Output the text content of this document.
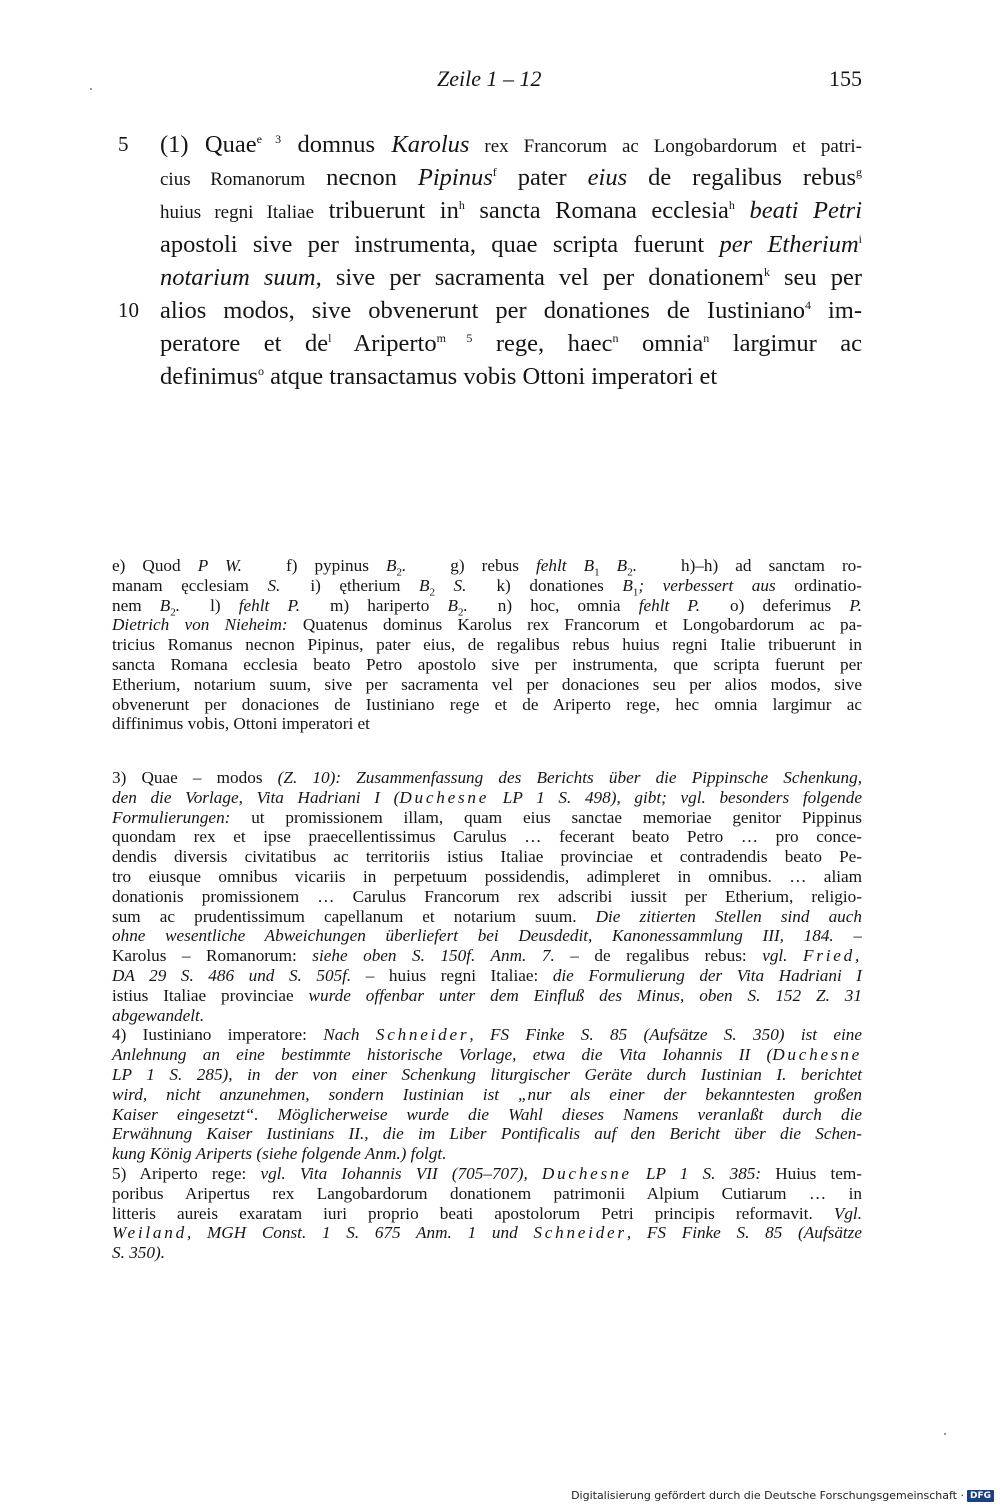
Zeile 1 – 12	155
5 (1) Quae$^{e 3}$ domnus Karolus rex Francorum ac Longobardorum et patri-
cius Romanorum necnon Pipinus$^f$ pater eius de regalibus rebus$^g$
huius regni Italiae tribuerunt $in^h$ sancta Romana ecclesia$^h$ beati Petri
apostoli sive per instrumenta, quae scripta fuerunt per Etherium$^i$
notarium suum, sive per sacramenta vel per donationem$^k$ seu per
10 alios modos, sive obvenerunt per donationes de Iustiniano$^4$ im-
peratore et $de^l$ Ariperto$^{m 5}$ rege, haec$^n$ omnia$^n$ largimur ac
definimus$^o$ atque transactamus vobis Ottoni imperatori et
e) Quod P W.	f) pypinus $B_2$.	g) rebus fehlt $B_1$ $B_2$.	h)–h) ad sanctam ro-
manam ęcclesiam S. i) ętherium $B_2$ S. k) donationes $B_1$; verbessert aus ordinatio-
nem $B_2$. l) fehlt P. m) hariperto $B_2$. n) hoc, omnia fehlt P. o) deferimus P.
Dietrich von Nieheim: Quatenus dominus Karolus rex Francorum et Longobardorum ac pa-
tricius Romanus necnon Pipinus, pater eius, de regalibus rebus huius regni Italie tribuerunt in
sancta Romana ecclesia beato Petro apostolo sive per instrumenta, que scripta fuerunt per
Etherium, notarium suum, sive per sacramenta vel per donaciones seu per alios modos, sive
obvenerunt per donaciones de Iustiniano rege et de Ariperto rege, hec omnia largimur ac
diffinimus vobis, Ottoni imperatori et
3) Quae – modos (Z. 10): Zusammenfassung des Berichts über die Pippinsche Schenkung,
den die Vorlage, Vita Hadriani I (Duchesne LP 1 S. 498), gibt; vgl. besonders folgende
Formulierungen: ut promissionem illam, quam eius sanctae memoriae genitor Pippinus
quondam rex et ipse praecellentissimus Carulus … fecerant beato Petro … pro conce-
dendis diversis civitatibus ac territoriis istius Italiae provinciae et contradendis beato Pe-
tro eiusque omnibus vicariis in perpetuum possidendis, adimpleret in omnibus. … aliam
donationis promissionem … Carulus Francorum rex adscribi iussit per Etherium, religio-
sum ac prudentissimum capellanum et notarium suum. Die zitierten Stellen sind auch
ohne wesentliche Abweichungen überliefert bei Deusdedit, Kanonessammlung III, 184. –
Karolus – Romanorum: siehe oben S. 150f. Anm. 7. – de regalibus rebus: vgl. Fried,
DA 29 S. 486 und S. 505f. – huius regni Italiae: die Formulierung der Vita Hadriani I
istius Italiae provinciae wurde offenbar unter dem Einfluß des Minus, oben S. 152 Z. 31
abgewandelt.
4) Iustiniano imperatore: Nach Schneider, FS Finke S. 85 (Aufsätze S. 350) ist eine
Anlehnung an eine bestimmte historische Vorlage, etwa die Vita Iohannis II (Duchesne
LP 1 S. 285), in der von einer Schenkung liturgischer Geräte durch Iustinian I. berichtet
wird, nicht anzunehmen, sondern Iustinian ist „nur als einer der bekanntesten großen
Kaiser eingesetzt“. Möglicherweise wurde die Wahl dieses Namens veranlaßt durch die
Erwähnung Kaiser Iustinians II., die im Liber Pontificalis auf den Bericht über die Schen-
kung König Ariperts (siehe folgende Anm.) folgt.
5) Ariperto rege: vgl. Vita Iohannis VII (705–707), Duchesne LP 1 S. 385: Huius tem-
poribus Aripertus rex Langobardorum donationem patrimonii Alpium Cutiarum … in
litteris aureis exaratam iuri proprio beati apostolorum Petri principis reformavit. Vgl.
Weiland, MGH Const. 1 S. 675 Anm. 1 und Schneider, FS Finke S. 85 (Aufsätze
S. 350).
Digitalisierung gefördert durch die Deutsche Forschungsgemeinschaft · DFG
